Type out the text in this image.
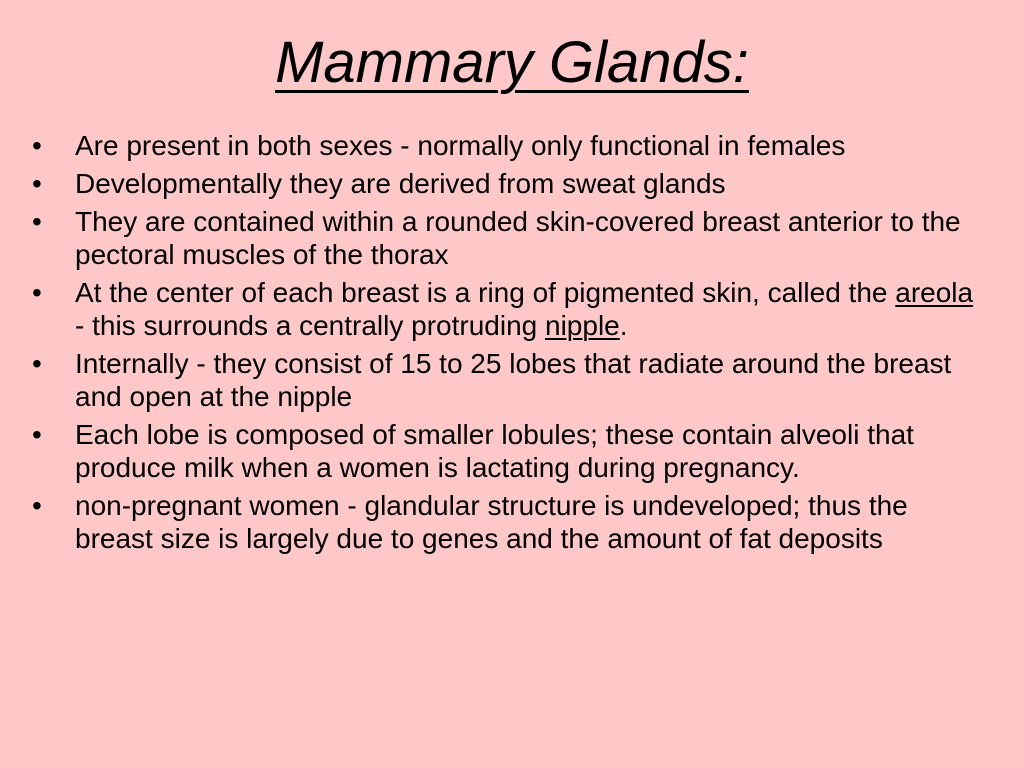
Mammary Glands:
• Are present in both sexes - normally only functional in females
• Developmentally they are derived from sweat glands
• They are contained within a rounded skin-covered breast anterior to the pectoral muscles of the thorax
• At the center of each breast is a ring of pigmented skin, called the areola - this surrounds a centrally protruding nipple.
• Internally - they consist of 15 to 25 lobes that radiate around the breast and open at the nipple
• Each lobe is composed of smaller lobules; these contain alveoli that produce milk when a women is lactating during pregnancy.
• non-pregnant women - glandular structure is undeveloped; thus the breast size is largely due to genes and the amount of fat deposits
